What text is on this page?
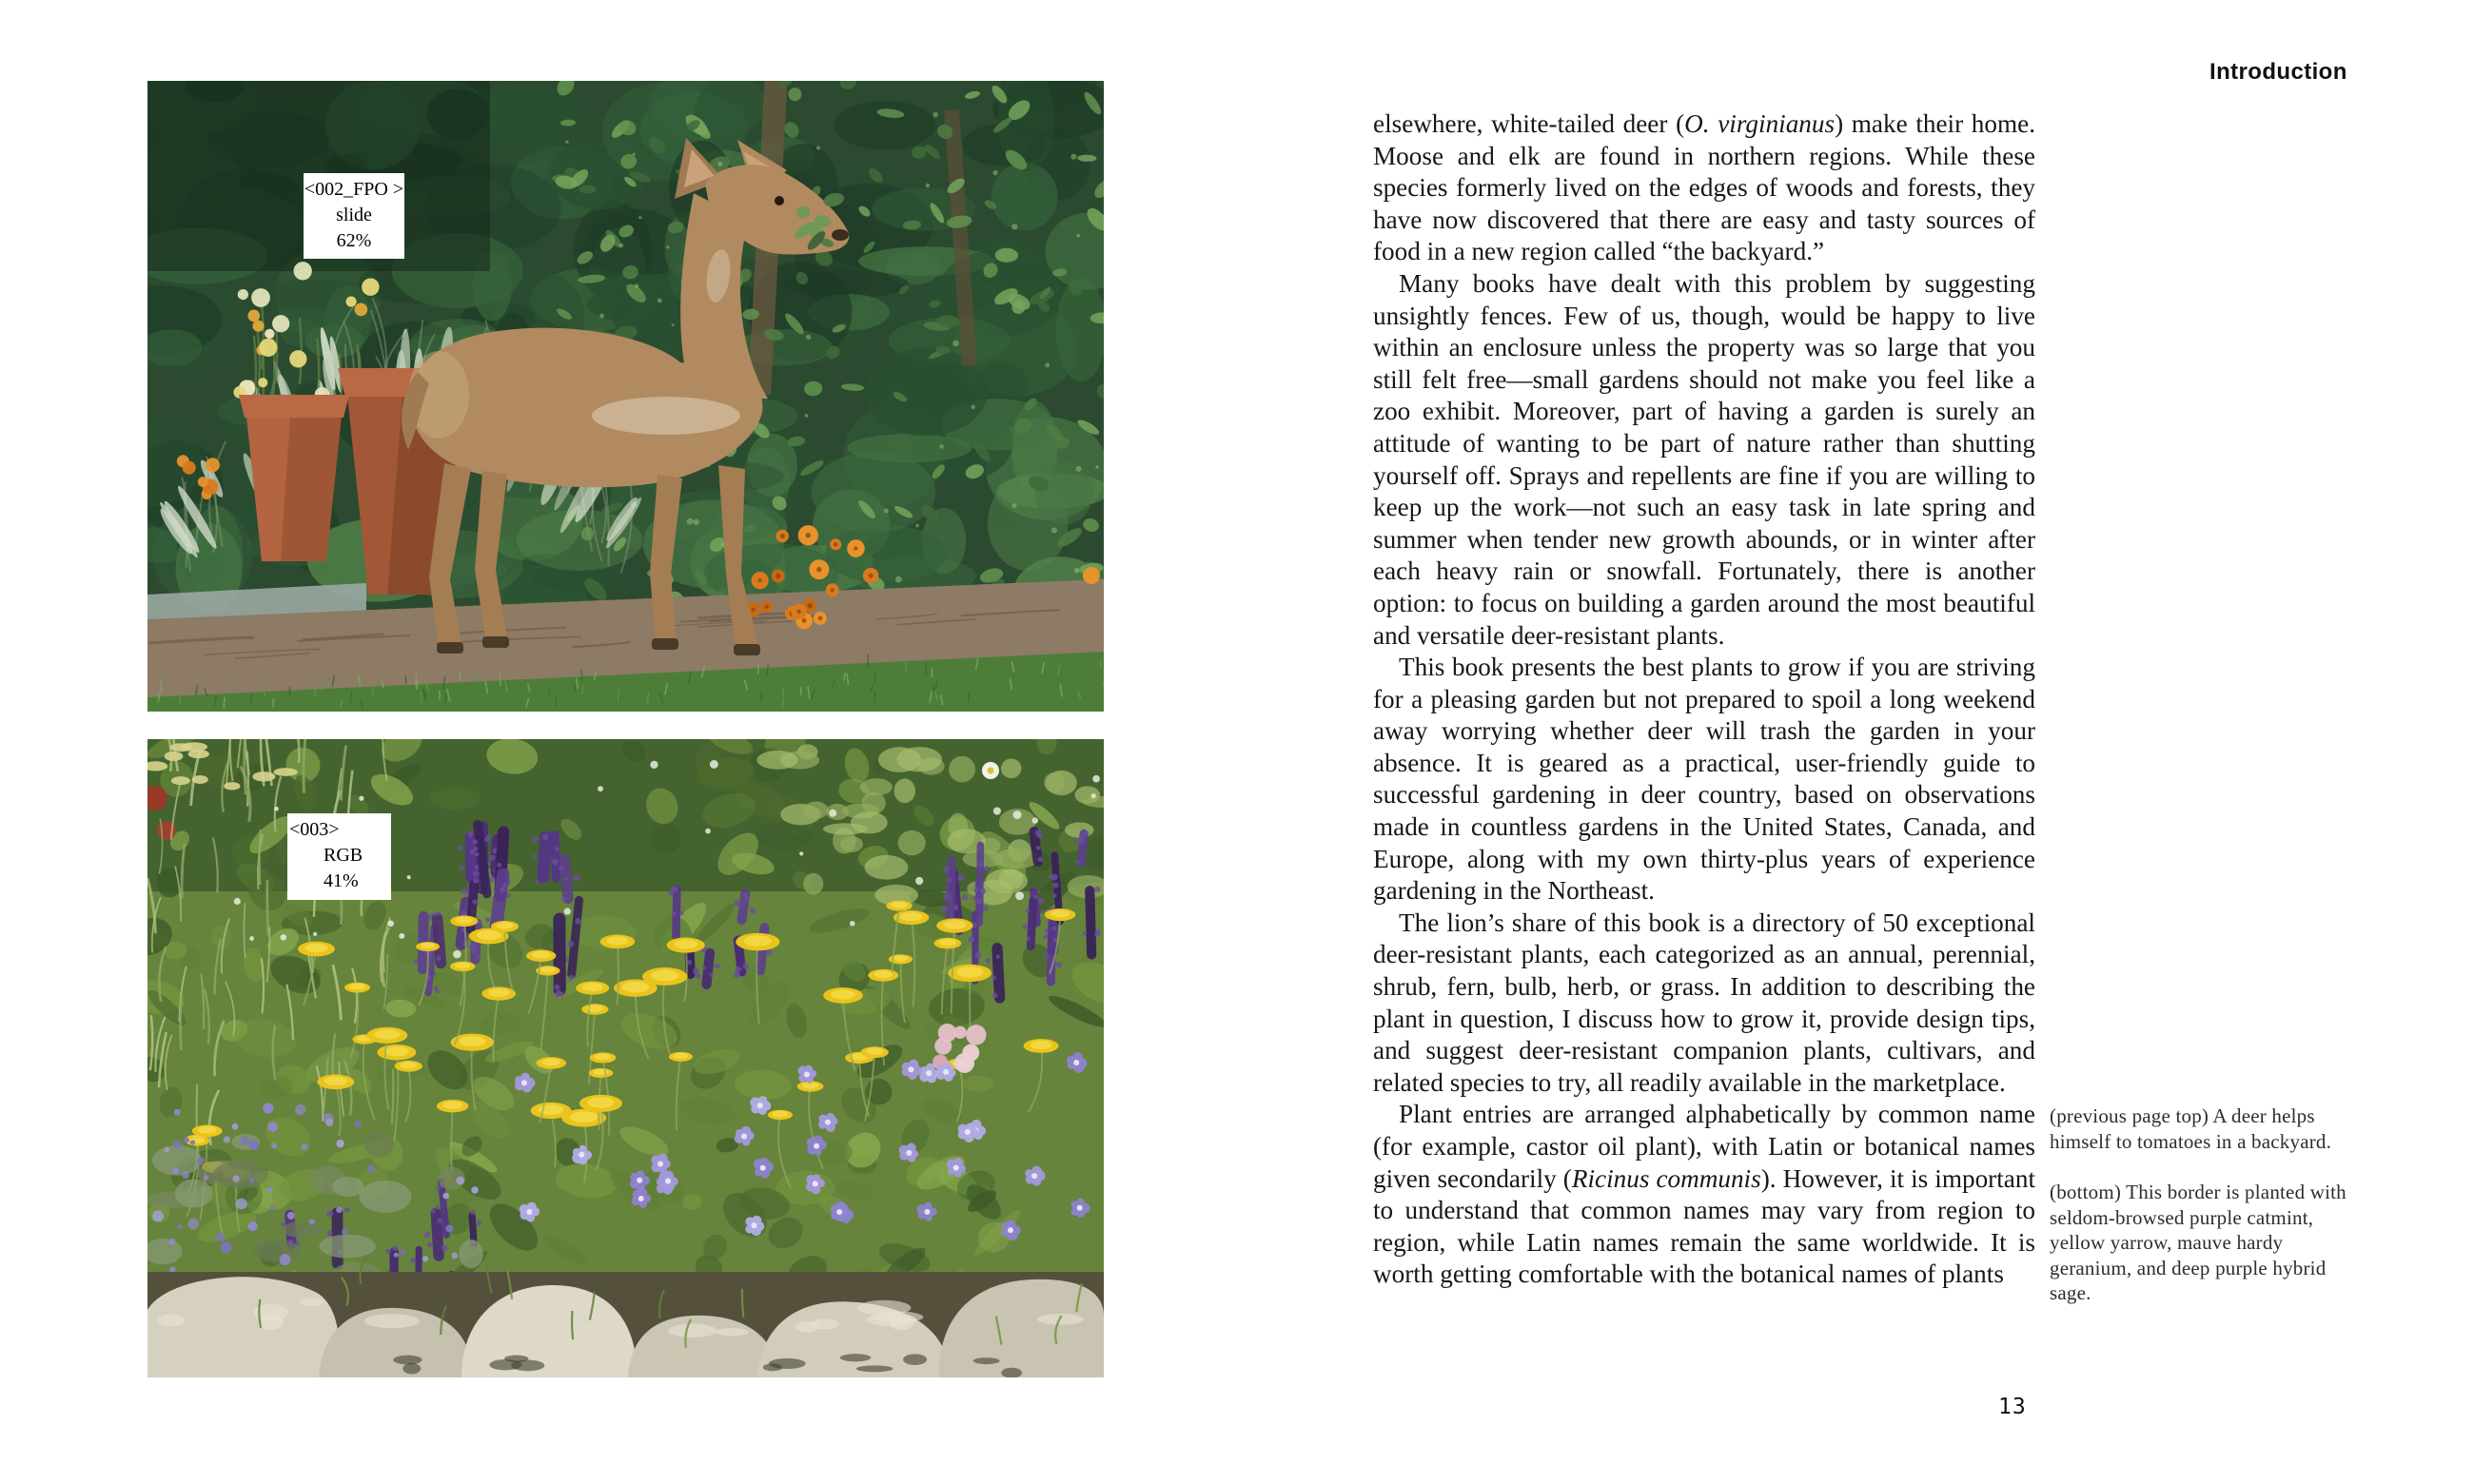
<002_FPO >
slide
62%
<003>
RGB
41%
Introduction

elsewhere, white-tailed deer (O. virginianus) make their home. Moose and elk are found in northern regions. While these species formerly lived on the edges of woods and forests, they have now discovered that there are easy and tasty sources of food in a new region called “the backyard.”

Many books have dealt with this problem by suggesting unsightly fences. Few of us, though, would be happy to live within an enclosure unless the property was so large that you still felt free—small gardens should not make you feel like a zoo exhibit. Moreover, part of having a garden is surely an attitude of wanting to be part of nature rather than shutting yourself off. Sprays and repellents are fine if you are willing to keep up the work—not such an easy task in late spring and summer when tender new growth abounds, or in winter after each heavy rain or snowfall. Fortunately, there is another option: to focus on building a garden around the most beautiful and versatile deer-resistant plants.

This book presents the best plants to grow if you are striving for a pleasing garden but not prepared to spoil a long weekend away worrying whether deer will trash the garden in your absence. It is geared as a practical, user-friendly guide to successful gardening in deer country, based on observations made in countless gardens in the United States, Canada, and Europe, along with my own thirty-plus years of experience gardening in the Northeast.

The lion’s share of this book is a directory of 50 exceptional deer-resistant plants, each categorized as an annual, perennial, shrub, fern, bulb, herb, or grass. In addition to describing the plant in question, I discuss how to grow it, provide design tips, and suggest deer-resistant companion plants, cultivars, and related species to try, all readily available in the marketplace.

Plant entries are arranged alphabetically by common name (for example, castor oil plant), with Latin or botanical names given secondarily (Ricinus communis). However, it is important to understand that common names may vary from region to region, while Latin names remain the same worldwide. It is worth getting comfortable with the botanical names of plants

(previous page top) A deer helps himself to tomatoes in a backyard.

(bottom) This border is planted with seldom-browsed purple catmint, yellow yarrow, mauve hardy geranium, and deep purple hybrid sage.

13
